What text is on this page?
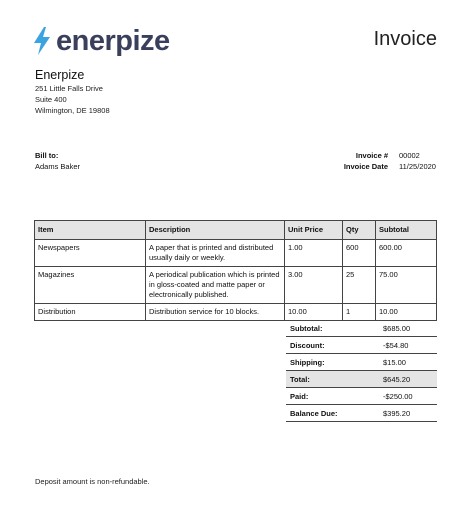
enerpize	Invoice
Enerpize
251 Little Falls Drive
Suite 400
Wilmington, DE 19808
Bill to:
Adams Baker
Invoice # 00002
Invoice Date 11/25/2020
Item	Description	Unit Price	Qty	Subtotal
Newspapers	A paper that is printed and distributed usually daily or weekly.	1.00	600	600.00
Magazines	A periodical publication which is printed in gloss-coated and matte paper or electronically published.	3.00	25	75.00
Distribution	Distribution service for 10 blocks.	10.00	1	10.00
Subtotal:	$685.00
Discount:	-$54.80
Shipping:	$15.00
Total:	$645.20
Paid:	-$250.00
Balance Due:	$395.20
Deposit amount is non-refundable.
